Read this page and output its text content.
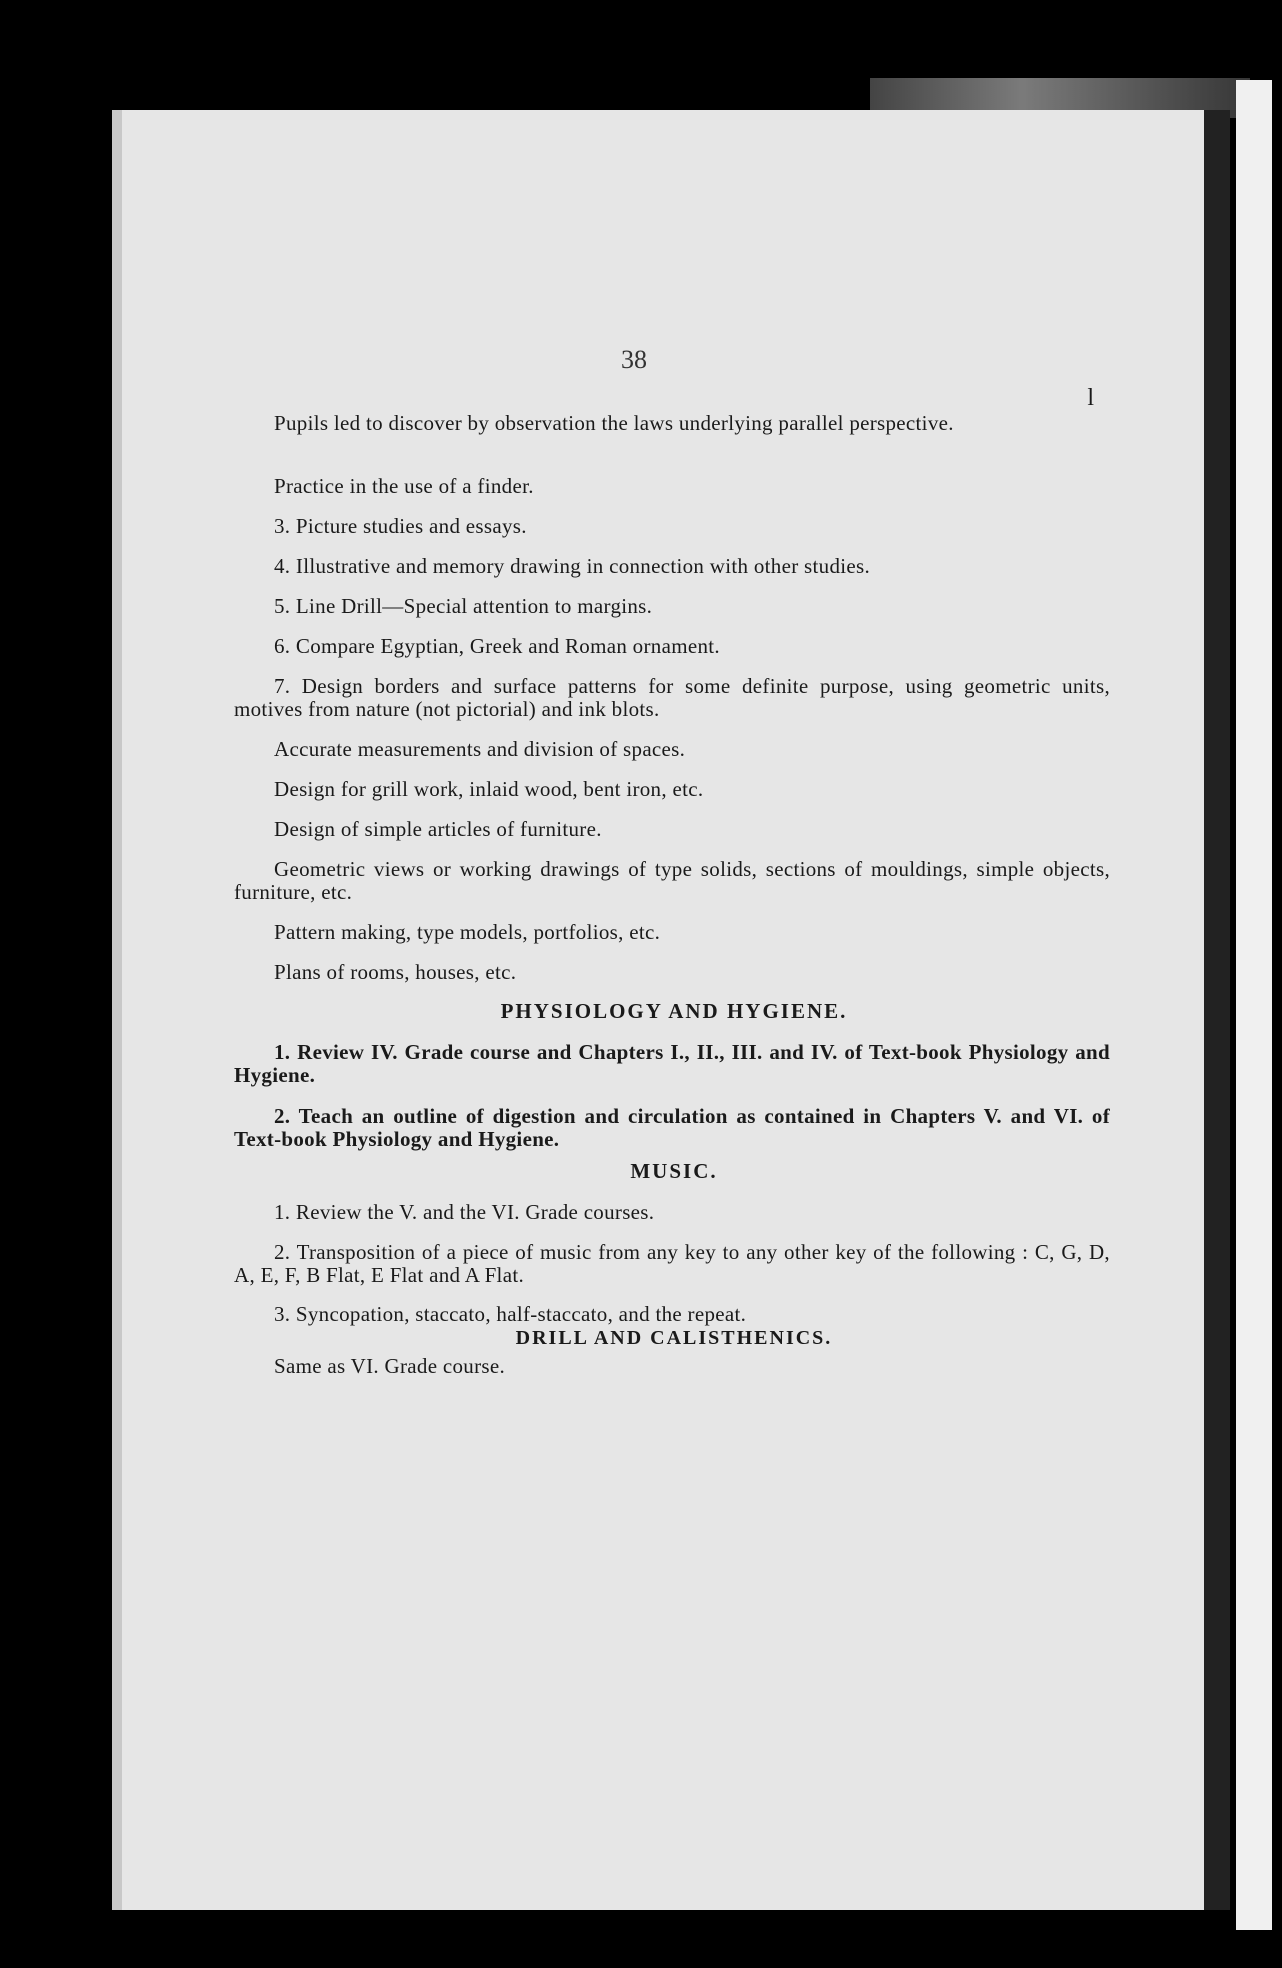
38
l

Pupils led to discover by observation the laws underlying parallel perspective.

Practice in the use of a finder.

3. Picture studies and essays.

4. Illustrative and memory drawing in connection with other studies.

5. Line Drill—Special attention to margins.

6. Compare Egyptian, Greek and Roman ornament.

7. Design borders and surface patterns for some definite purpose, using geometric units, motives from nature (not pictorial) and ink blots.

Accurate measurements and division of spaces.

Design for grill work, inlaid wood, bent iron, etc.

Design of simple articles of furniture.

Geometric views or working drawings of type solids, sections of mouldings, simple objects, furniture, etc.

Pattern making, type models, portfolios, etc.

Plans of rooms, houses, etc.

PHYSIOLOGY AND HYGIENE.

1. Review IV. Grade course and Chapters I., II., III. and IV. of Text-book Physiology and Hygiene.

2. Teach an outline of digestion and circulation as contained in Chapters V. and VI. of Text-book Physiology and Hygiene.

MUSIC.

1. Review the V. and the VI. Grade courses.

2. Transposition of a piece of music from any key to any other key of the following : C, G, D, A, E, F, B Flat, E Flat and A Flat.

3. Syncopation, staccato, half-staccato, and the repeat.

DRILL AND CALISTHENICS.

Same as VI. Grade course.
